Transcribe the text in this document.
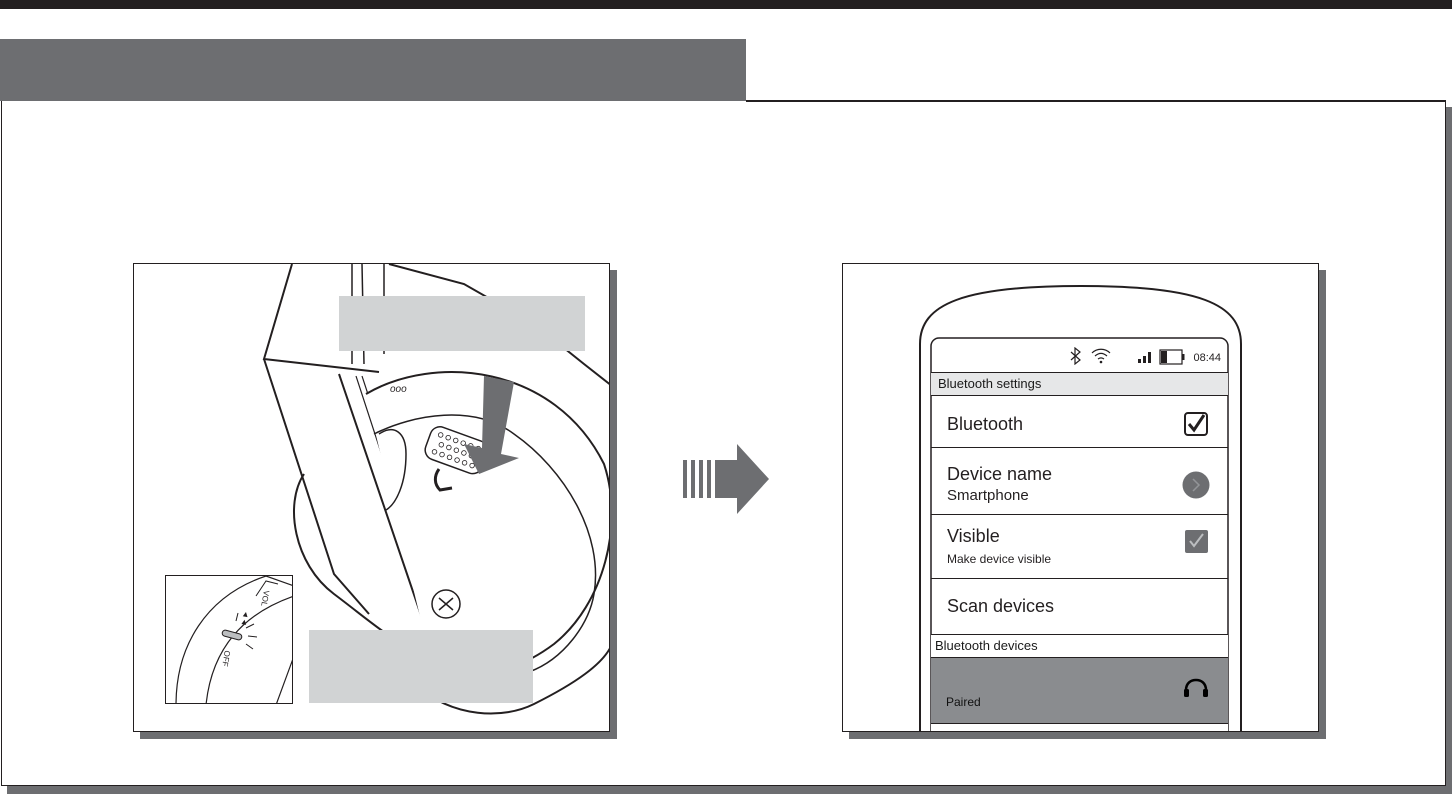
ooo
◄◄
VOL
OFF
08:44
Bluetooth settings
Bluetooth
Device name
Smartphone
Visible
Make device visible
Scan devices
Bluetooth devices
Paired
